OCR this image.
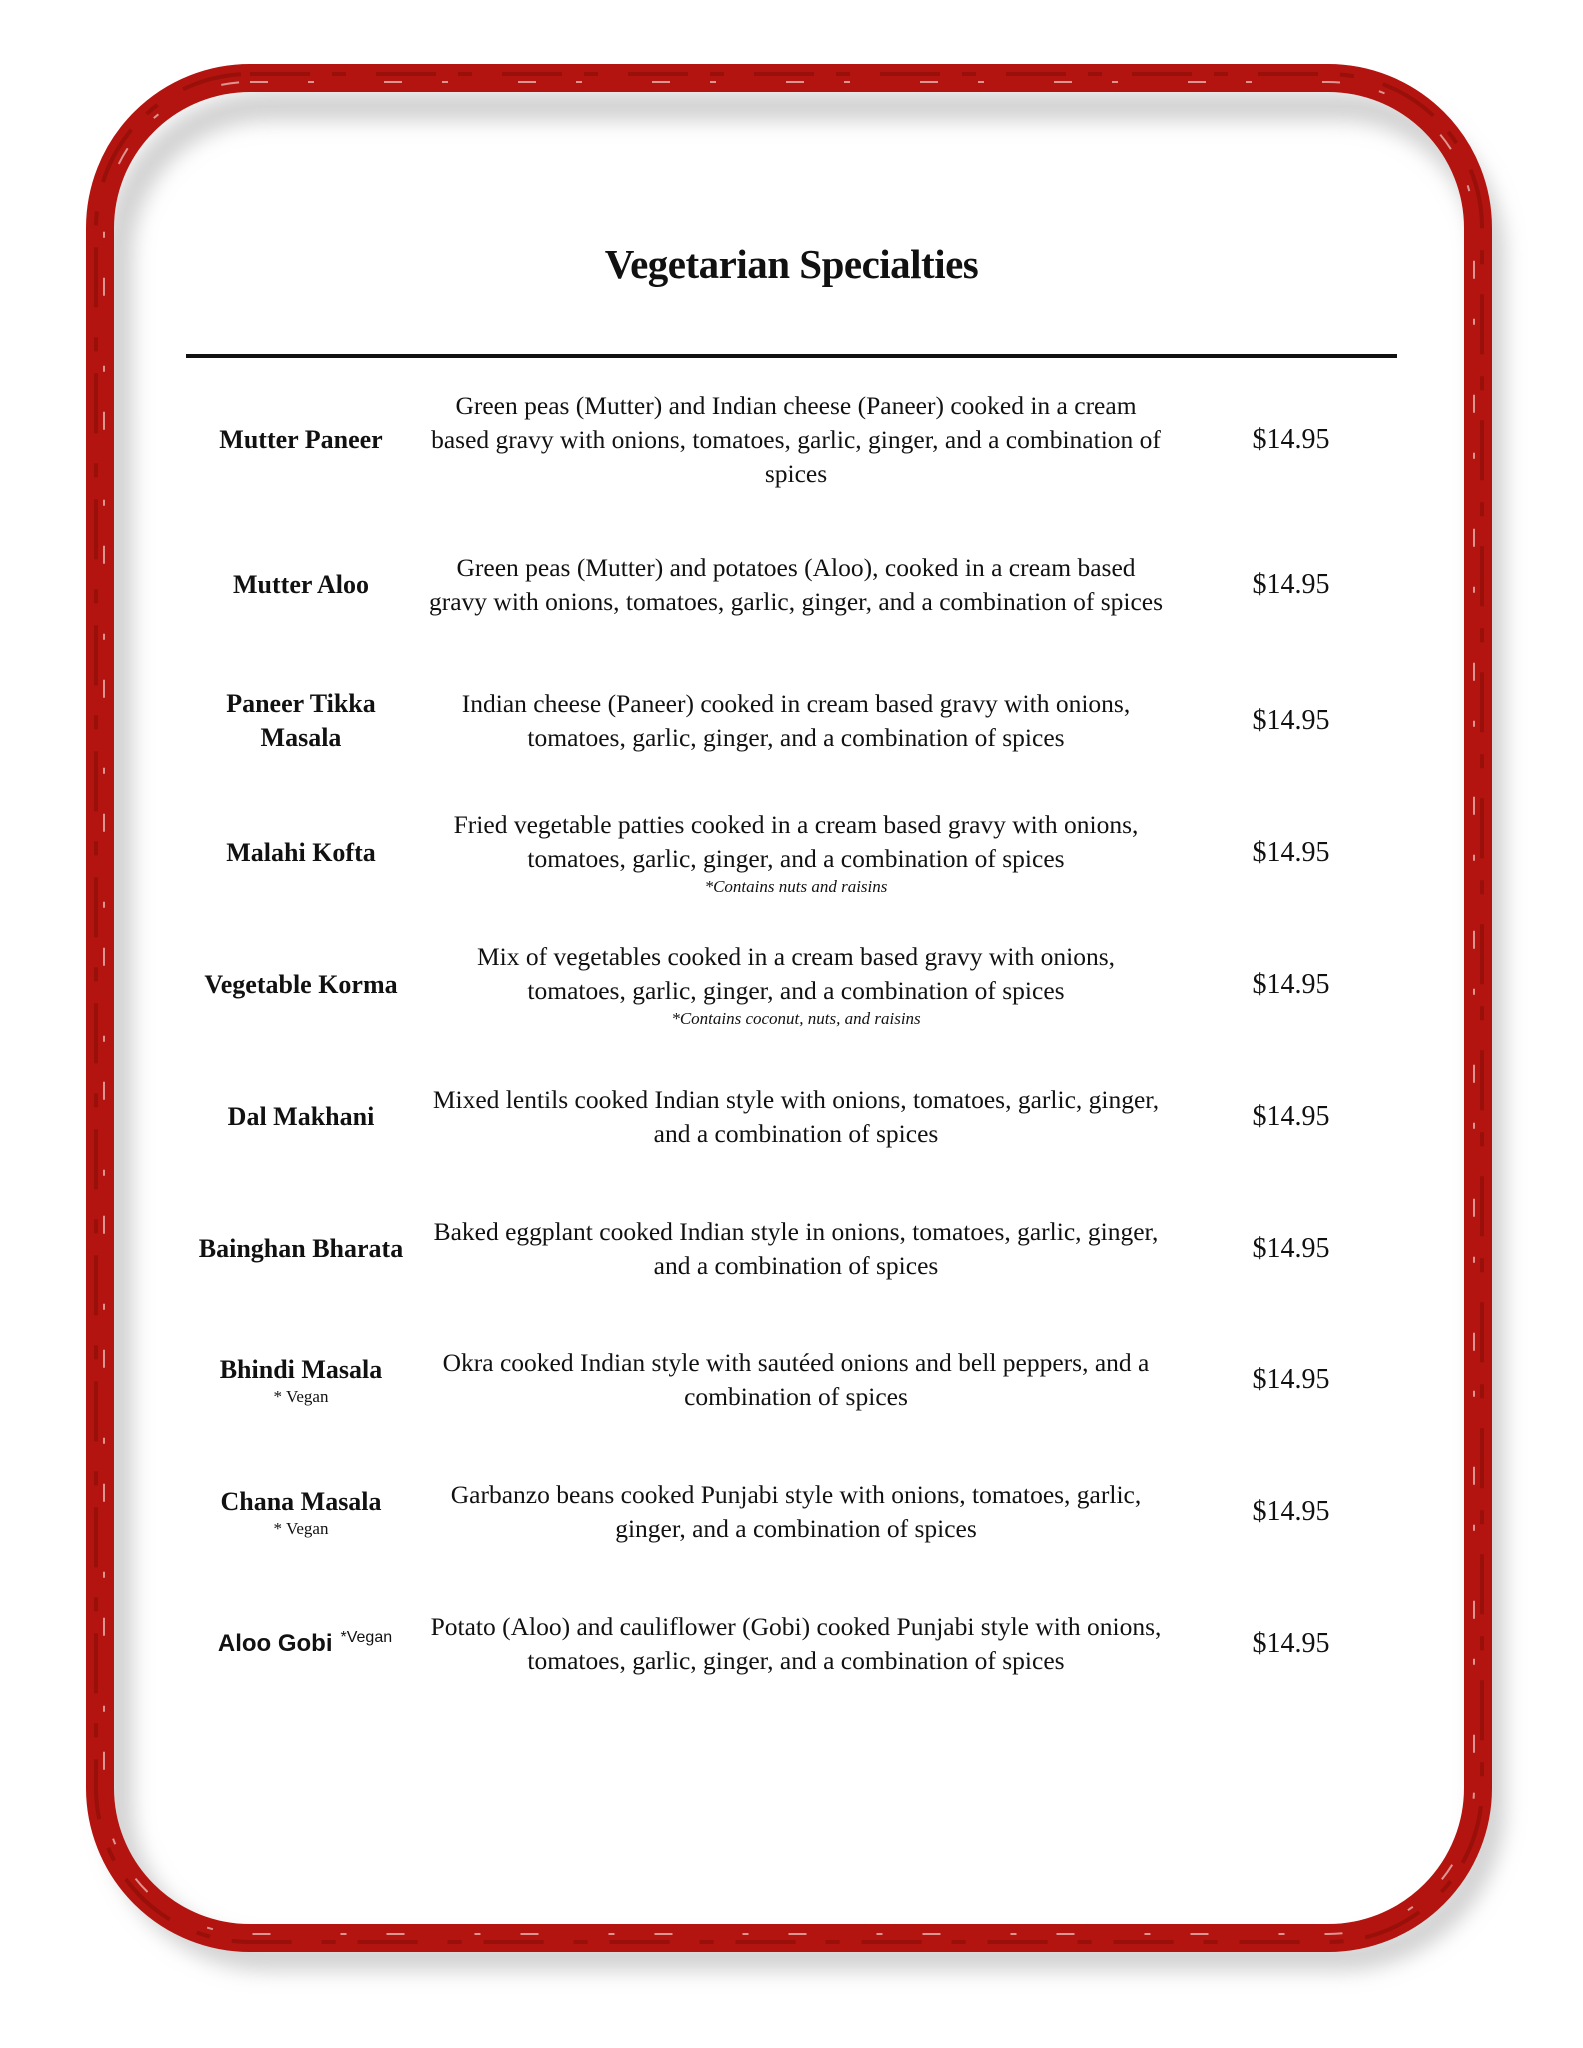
Vegetarian Specialties
Mutter Paneer
Green peas (Mutter) and Indian cheese (Paneer) cooked in a cream based gravy with onions, tomatoes, garlic, ginger, and a combination of spices
$14.95
Mutter Aloo
Green peas (Mutter) and potatoes (Aloo), cooked in a cream based gravy with onions, tomatoes, garlic, ginger, and a combination of spices
$14.95
Paneer Tikka Masala
Indian cheese (Paneer) cooked in cream based gravy with onions, tomatoes, garlic, ginger, and a combination of spices
$14.95
Malahi Kofta
Fried vegetable patties cooked in a cream based gravy with onions, tomatoes, garlic, ginger, and a combination of spices
*Contains nuts and raisins
$14.95
Vegetable Korma
Mix of vegetables cooked in a cream based gravy with onions, tomatoes, garlic, ginger, and a combination of spices
*Contains coconut, nuts, and raisins
$14.95
Dal Makhani
Mixed lentils cooked Indian style with onions, tomatoes, garlic, ginger, and a combination of spices
$14.95
Bainghan Bharata
Baked eggplant cooked Indian style in onions, tomatoes, garlic, ginger, and a combination of spices
$14.95
Bhindi Masala
* Vegan
Okra cooked Indian style with sautéed onions and bell peppers, and a combination of spices
$14.95
Chana Masala
* Vegan
Garbanzo beans cooked Punjabi style with onions, tomatoes, garlic, ginger, and a combination of spices
$14.95
Aloo Gobi *Vegan Potato (Aloo) and cauliflower (Gobi) cooked Punjabi style with onions, tomatoes, garlic, ginger, and a combination of spices
$14.95
